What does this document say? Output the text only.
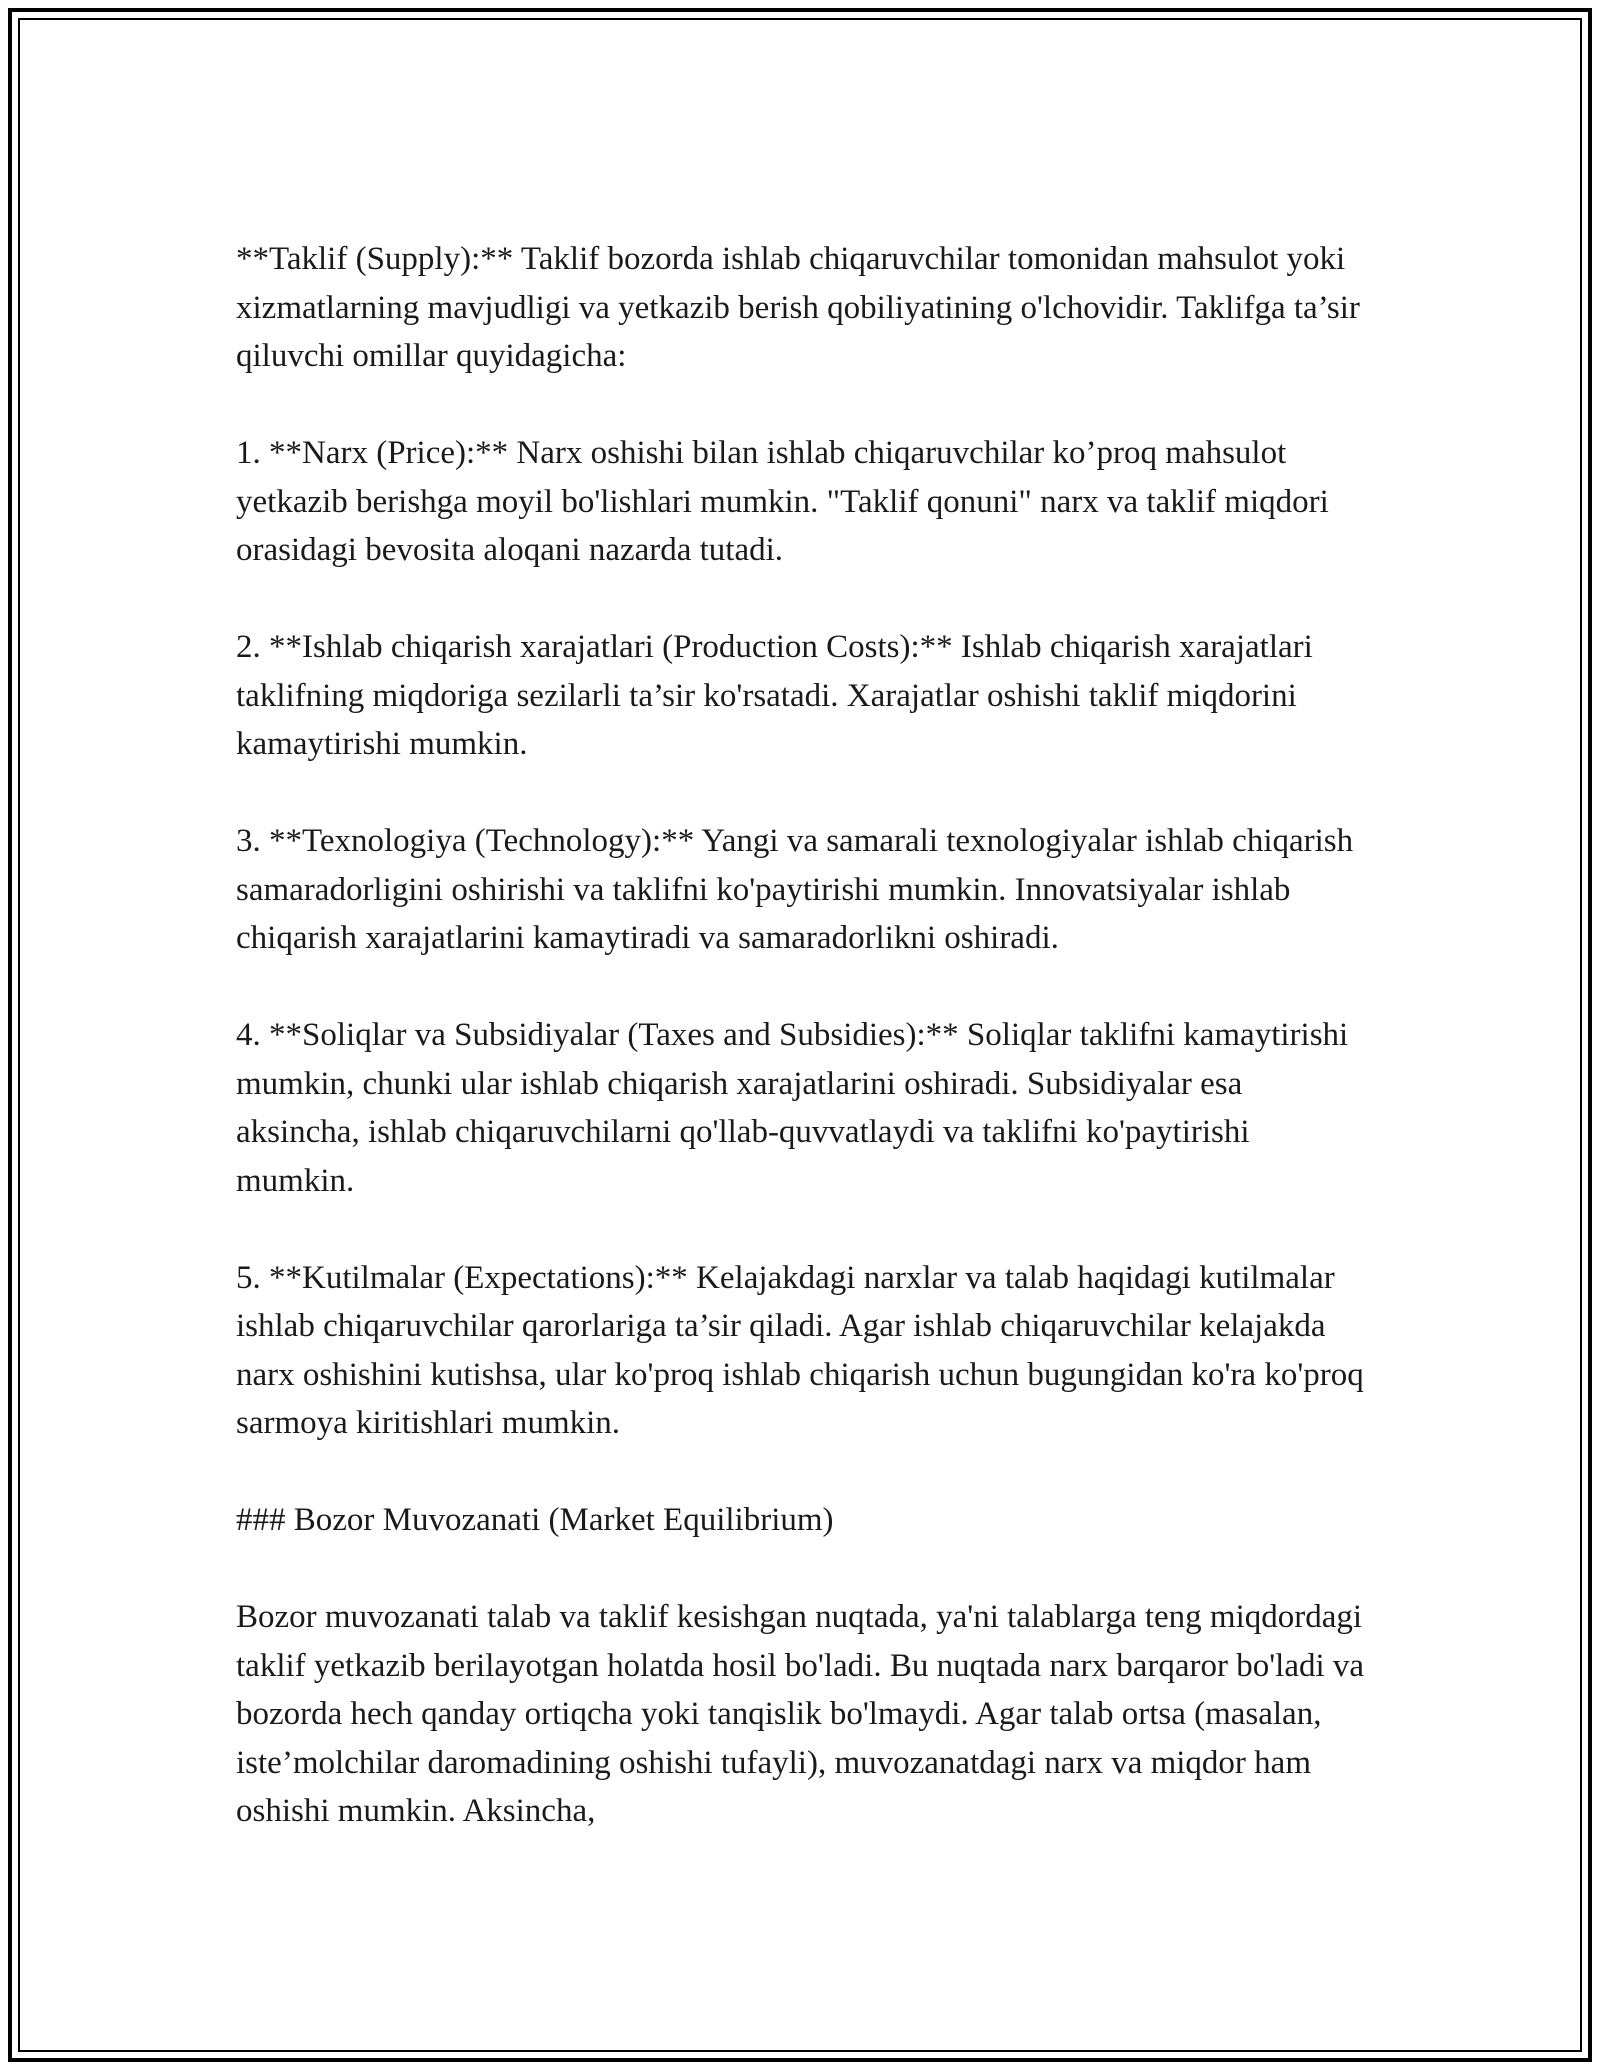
**Taklif (Supply):** Taklif bozorda ishlab chiqaruvchilar tomonidan mahsulot yoki xizmatlarning mavjudligi va yetkazib berish qobiliyatining o'lchovidir. Taklifga ta’sir qiluvchi omillar quyidagicha:

1. **Narx (Price):** Narx oshishi bilan ishlab chiqaruvchilar ko’proq mahsulot yetkazib berishga moyil bo'lishlari mumkin. "Taklif qonuni" narx va taklif miqdori orasidagi bevosita aloqani nazarda tutadi.

2. **Ishlab chiqarish xarajatlari (Production Costs):** Ishlab chiqarish xarajatlari taklifning miqdoriga sezilarli ta’sir ko'rsatadi. Xarajatlar oshishi taklif miqdorini kamaytirishi mumkin.

3. **Texnologiya (Technology):** Yangi va samarali texnologiyalar ishlab chiqarish samaradorligini oshirishi va taklifni ko'paytirishi mumkin. Innovatsiyalar ishlab chiqarish xarajatlarini kamaytiradi va samaradorlikni oshiradi.

4. **Soliqlar va Subsidiyalar (Taxes and Subsidies):** Soliqlar taklifni kamaytirishi mumkin, chunki ular ishlab chiqarish xarajatlarini oshiradi. Subsidiyalar esa aksincha, ishlab chiqaruvchilarni qo'llab-quvvatlaydi va taklifni ko'paytirishi mumkin.

5. **Kutilmalar (Expectations):** Kelajakdagi narxlar va talab haqidagi kutilmalar ishlab chiqaruvchilar qarorlariga ta’sir qiladi. Agar ishlab chiqaruvchilar kelajakda narx oshishini kutishsa, ular ko'proq ishlab chiqarish uchun bugungidan ko'ra ko'proq sarmoya kiritishlari mumkin.

### Bozor Muvozanati (Market Equilibrium)

Bozor muvozanati talab va taklif kesishgan nuqtada, ya'ni talablarga teng miqdordagi taklif yetkazib berilayotgan holatda hosil bo'ladi. Bu nuqtada narx barqaror bo'ladi va bozorda hech qanday ortiqcha yoki tanqislik bo'lmaydi. Agar talab ortsa (masalan, iste’molchilar daromadining oshishi tufayli), muvozanatdagi narx va miqdor ham oshishi mumkin. Aksincha,
